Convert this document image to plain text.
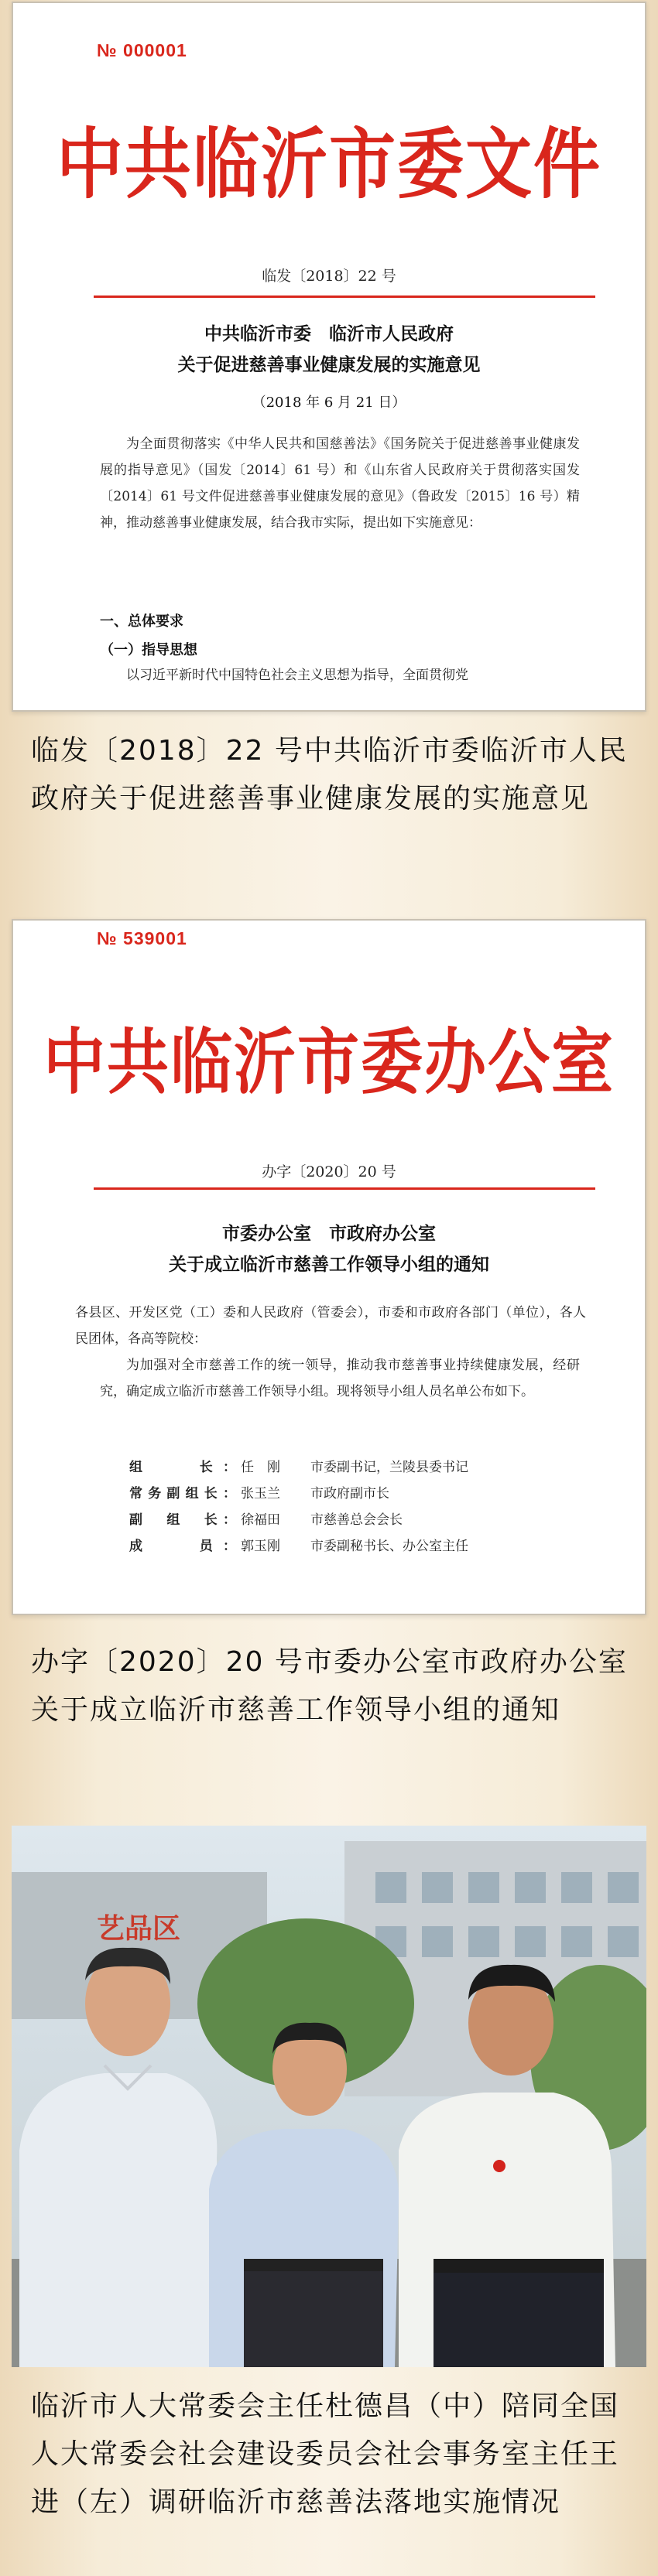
№ 000001
中共临沂市委文件
临发〔2018〕22 号
中共临沂市委　临沂市人民政府
关于促进慈善事业健康发展的实施意见
（2018 年 6 月 21 日）
为全面贯彻落实《中华人民共和国慈善法》《国务院关于促进慈善事业健康发展的指导意见》（国发〔2014〕61 号）和《山东省人民政府关于贯彻落实国发〔2014〕61 号文件促进慈善事业健康发展的意见》（鲁政发〔2015〕16 号）精神，推动慈善事业健康发展，结合我市实际，提出如下实施意见：
一、总体要求
（一）指导思想
以习近平新时代中国特色社会主义思想为指导，全面贯彻党
临发〔2018〕22 号中共临沂市委临沂市人民政府关于促进慈善事业健康发展的实施意见
№ 539001
中共临沂市委办公室
办字〔2020〕20 号
市委办公室　市政府办公室
关于成立临沂市慈善工作领导小组的通知
各县区、开发区党（工）委和人民政府（管委会），市委和市政府各部门（单位），各人民团体，各高等院校：
为加强对全市慈善工作的统一领导，推动我市慈善事业持续健康发展，经研究，确定成立临沂市慈善工作领导小组。现将领导小组人员名单公布如下。
组　　长： 任　刚	市委副书记，兰陵县委书记
常务副组长： 张玉兰	市政府副市长
副　组　长： 徐福田	市慈善总会会长
成　　员： 郭玉刚	市委副秘书长、办公室主任
办字〔2020〕20 号市委办公室市政府办公室关于成立临沂市慈善工作领导小组的通知
艺品区
临沂市人大常委会主任杜德昌（中）陪同全国人大常委会社会建设委员会社会事务室主任王进（左）调研临沂市慈善法落地实施情况
